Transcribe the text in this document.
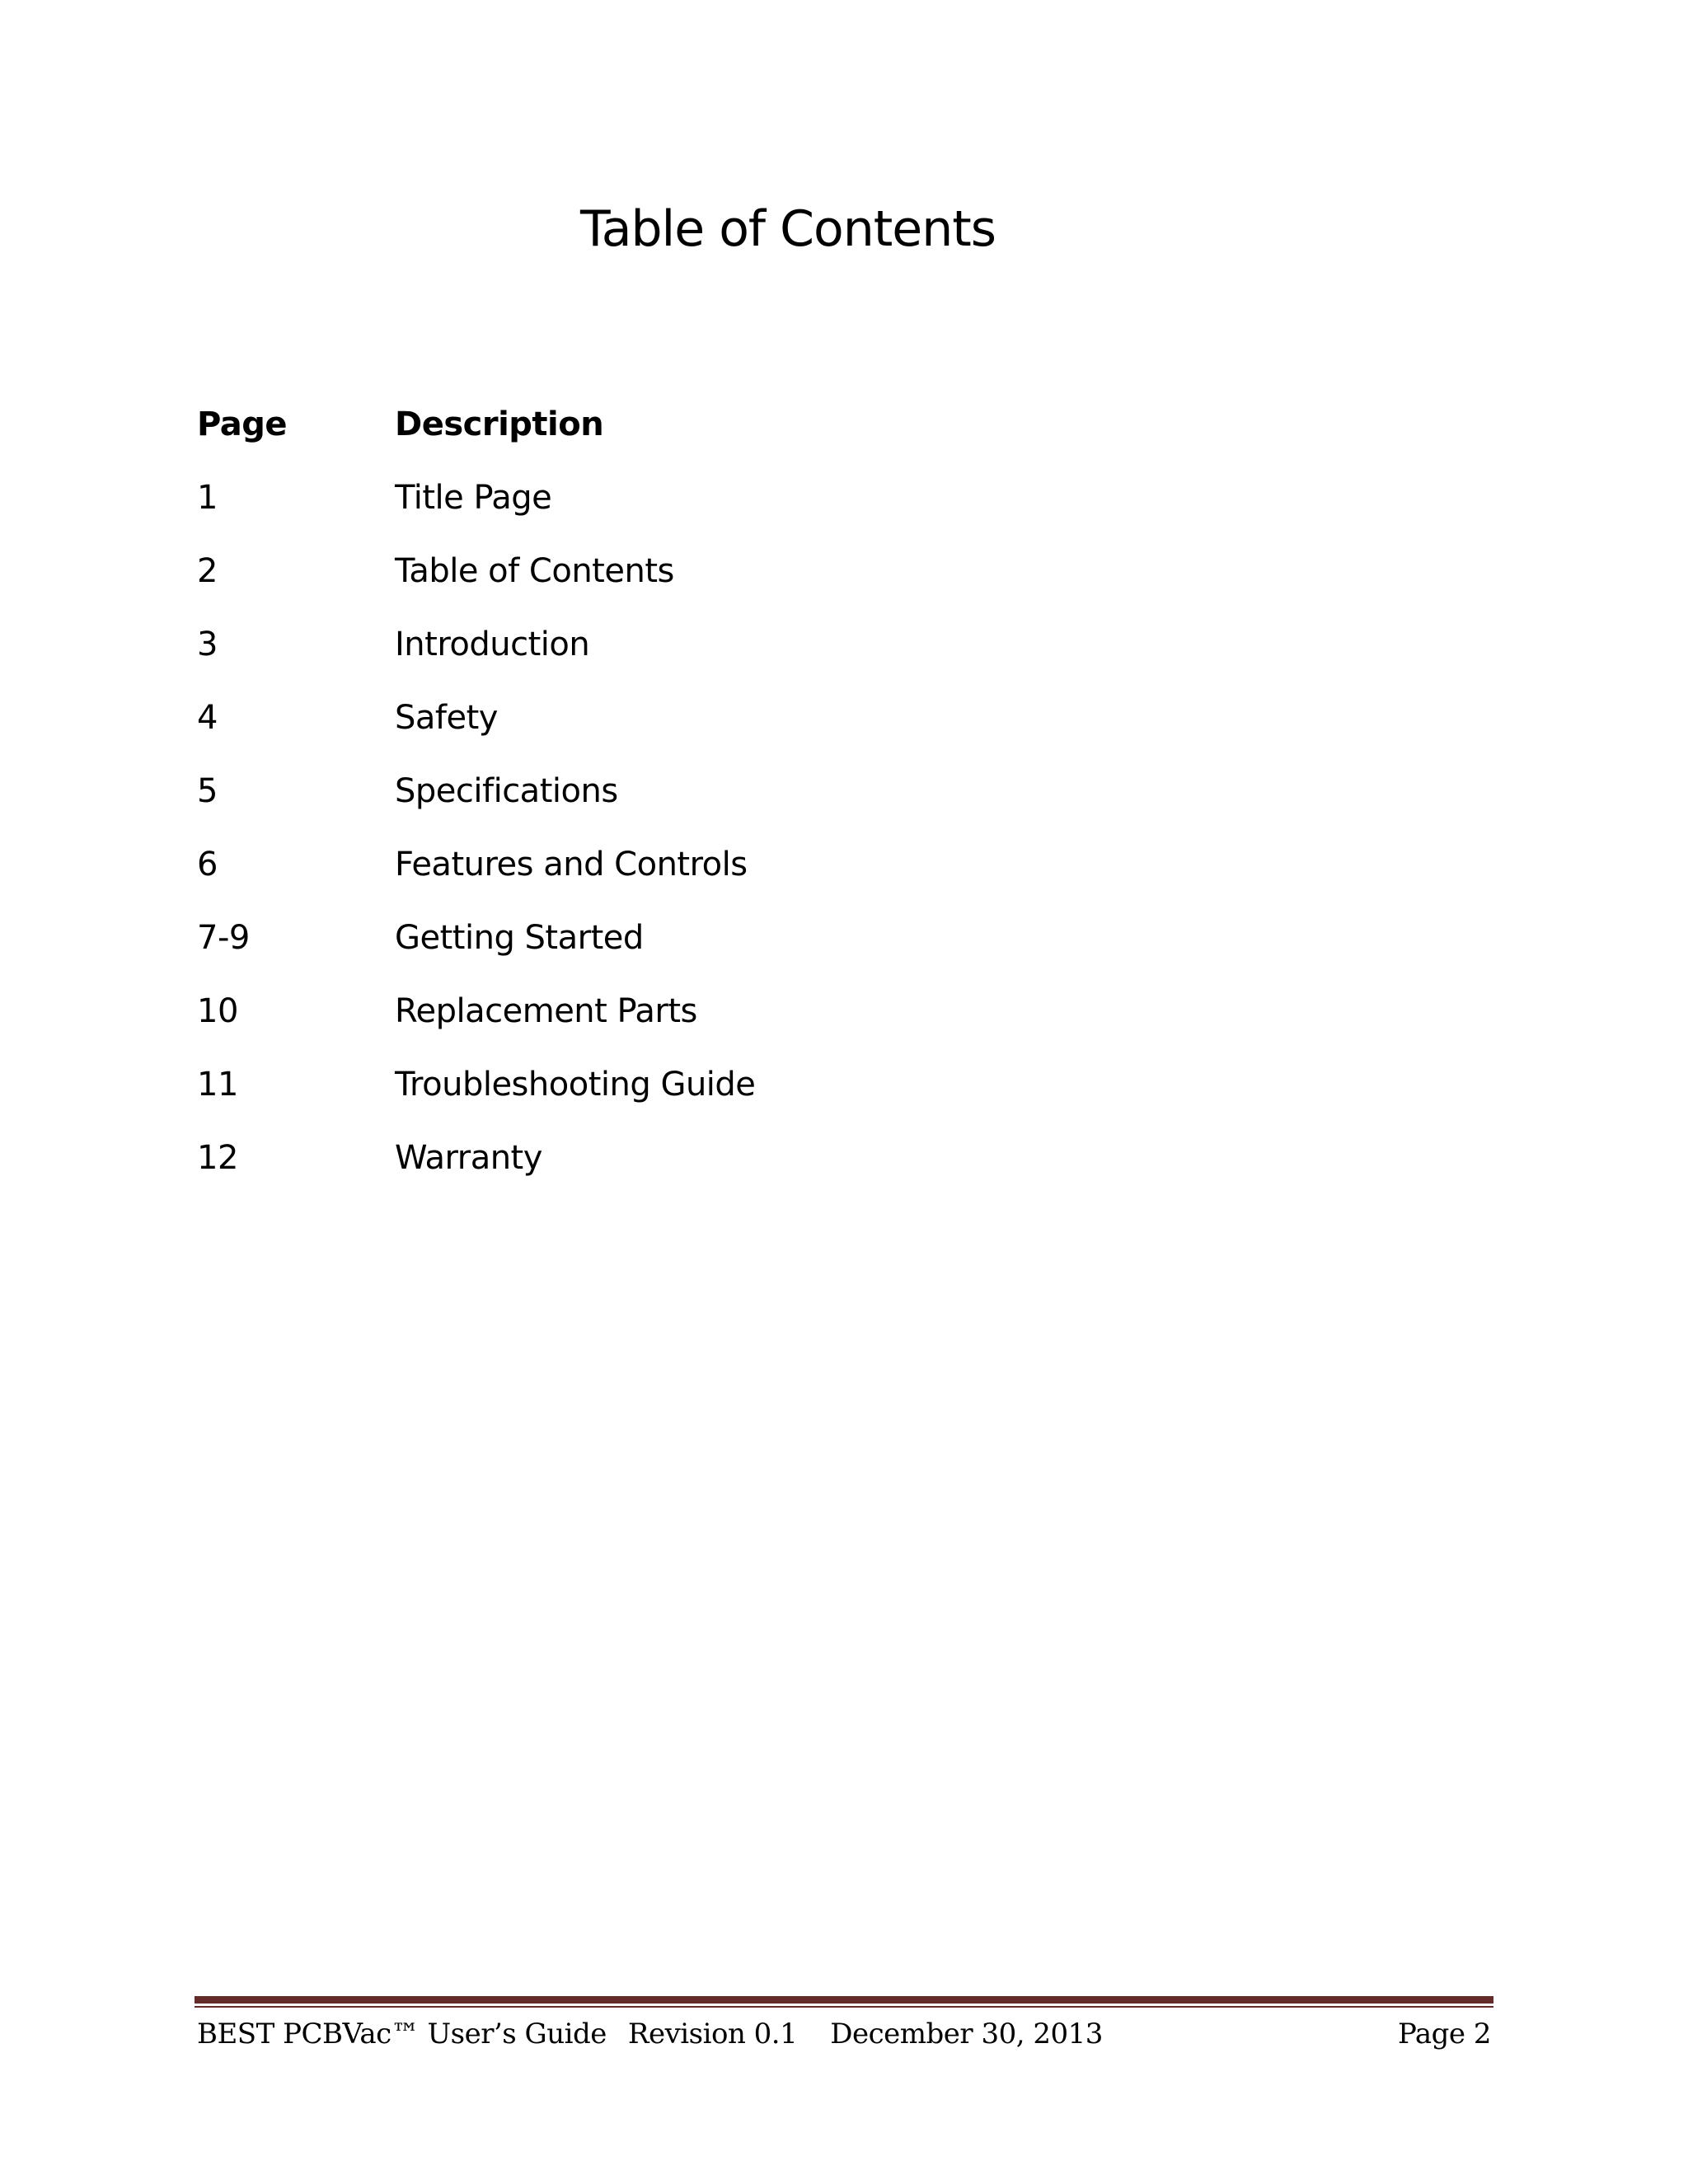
Table of Contents
Page	Description
1	Title Page
2	Table of Contents
3	Introduction
4	Safety
5	Specifications
6	Features and Controls
7-9	Getting Started
10	Replacement Parts
11	Troubleshooting Guide
12	Warranty
BEST PCBVac™ User’s Guide Revision 0.1 December 30, 2013	Page 2
